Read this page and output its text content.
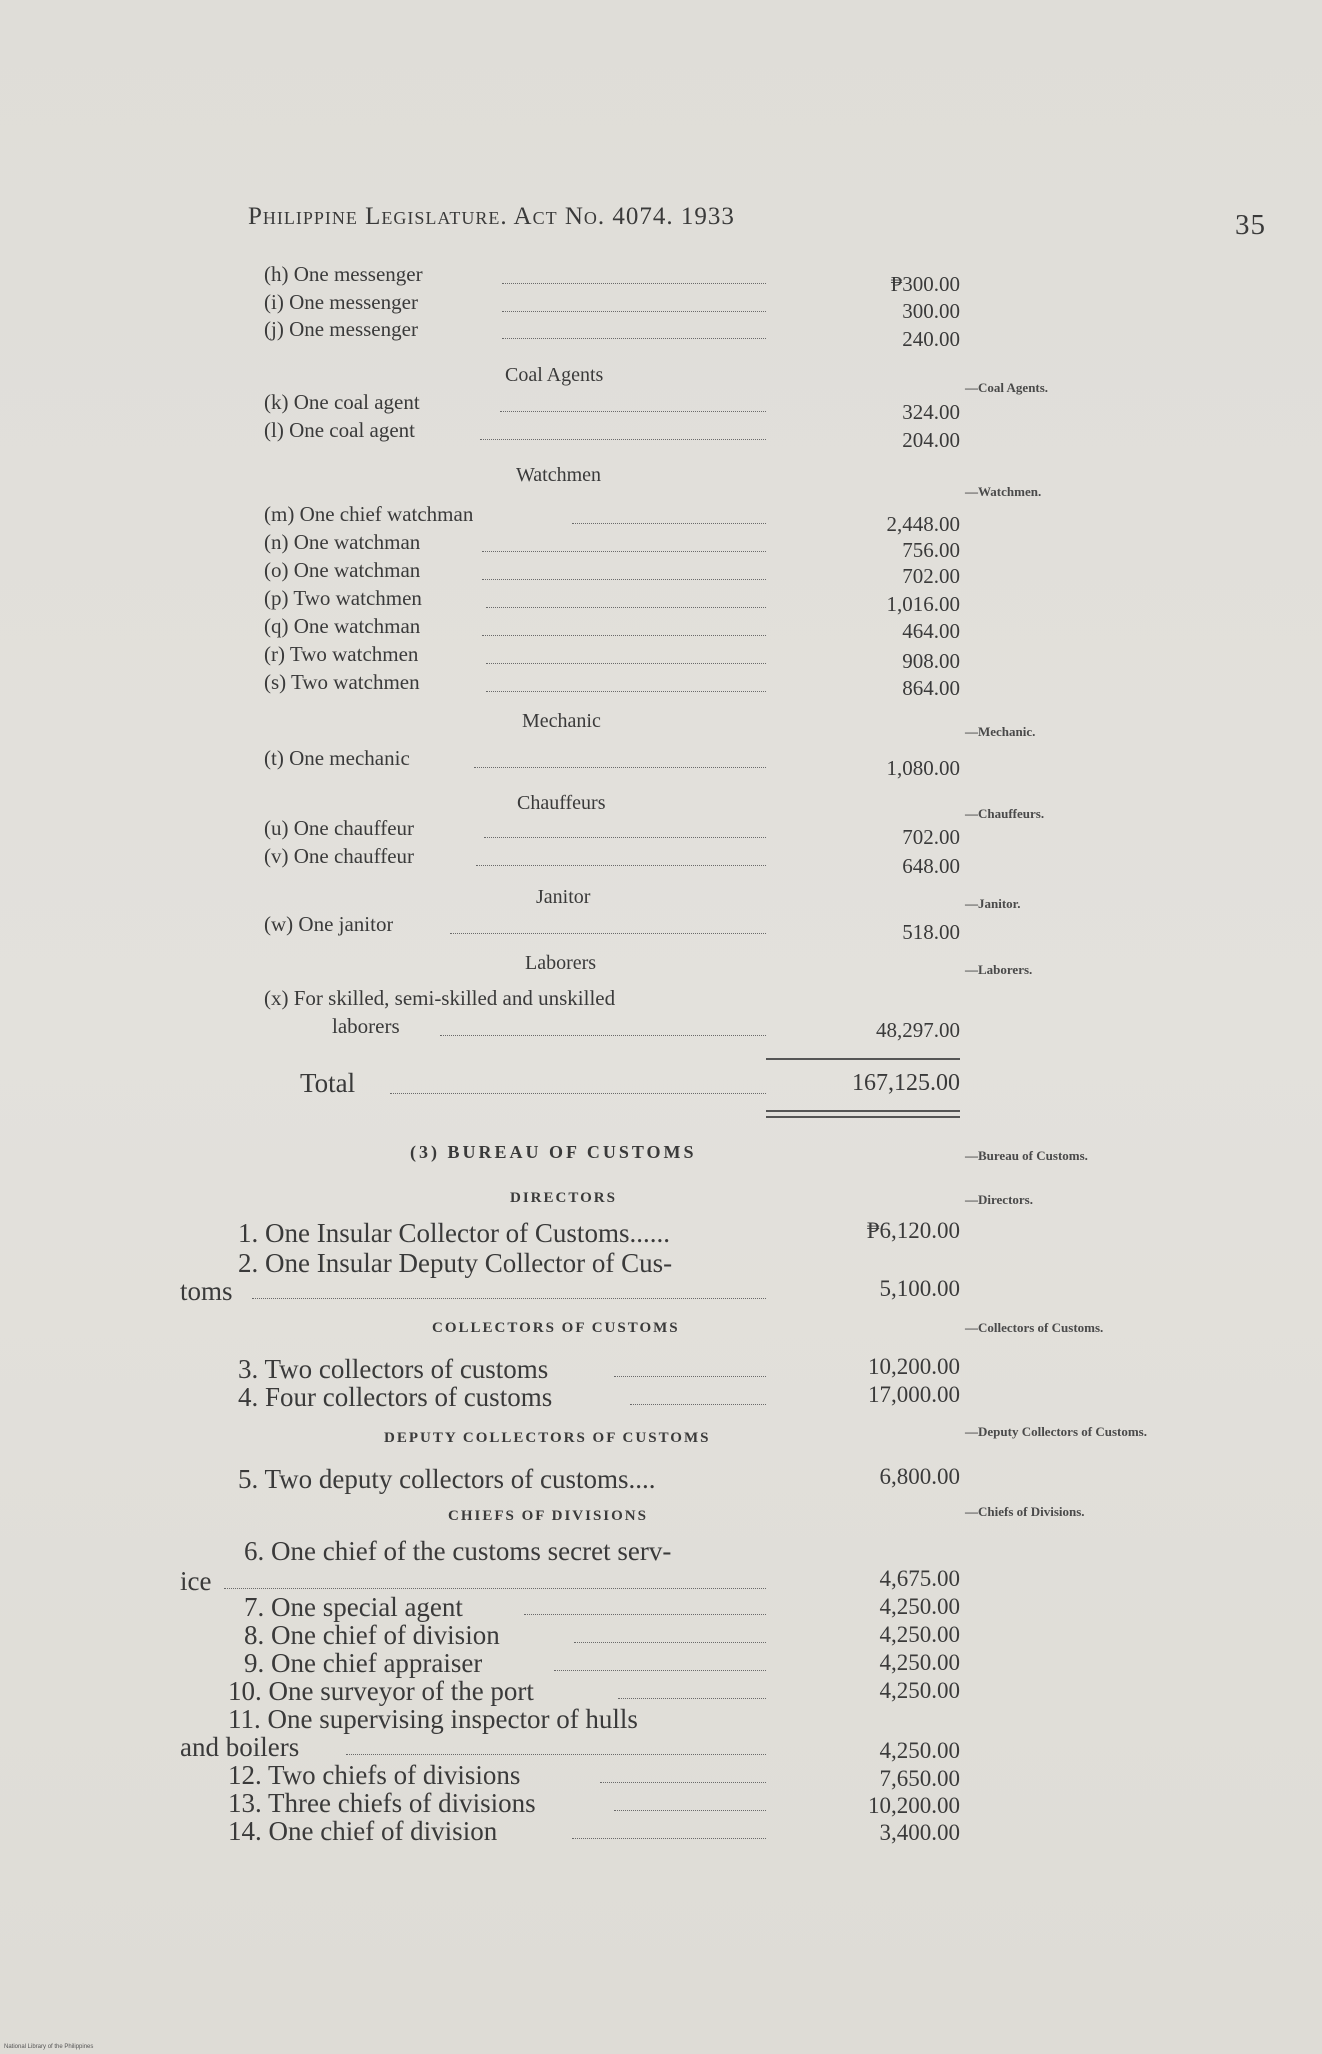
Philippine Legislature. Act No. 4074. 1933	35
(h) One messenger	₱300.00
(i) One messenger	300.00
(j) One messenger	240.00
Coal Agents
—Coal Agents.
(k) One coal agent	324.00
(l) One coal agent	204.00
Watchmen
—Watchmen.
(m) One chief watchman	2,448.00
(n) One watchman	756.00
(o) One watchman	702.00
(p) Two watchmen	1,016.00
(q) One watchman	464.00
(r) Two watchmen	908.00
(s) Two watchmen	864.00
Mechanic	—Mechanic.
(t) One mechanic	1,080.00
Chauffeurs	—Chauffeurs.
(u) One chauffeur	702.00
(v) One chauffeur	648.00
Janitor	—Janitor.
(w) One janitor	518.00
Laborers	—Laborers.
(x) For skilled, semi-skilled and unskilled
laborers	48,297.00
Total	167,125.00
(3) BUREAU OF CUSTOMS	—Bureau of Customs.
DIRECTORS	—Directors.
1. One Insular Collector of Customs......	₱6,120.00
2. One Insular Deputy Collector of Cus-
toms	5,100.00
COLLECTORS OF CUSTOMS	—Collectors of Customs.
3. Two collectors of customs	10,200.00
4. Four collectors of customs	17,000.00
DEPUTY COLLECTORS OF CUSTOMS	—Deputy Collectors of Customs.
5. Two deputy collectors of customs....	6,800.00
CHIEFS OF DIVISIONS	—Chiefs of Divisions.
6. One chief of the customs secret serv-
ice	4,675.00
7. One special agent	4,250.00
8. One chief of division	4,250.00
9. One chief appraiser	4,250.00
10. One surveyor of the port	4,250.00
11. One supervising inspector of hulls
and boilers	4,250.00
12. Two chiefs of divisions	7,650.00
13. Three chiefs of divisions	10,200.00
14. One chief of division	3,400.00
National Library of the Philippines
